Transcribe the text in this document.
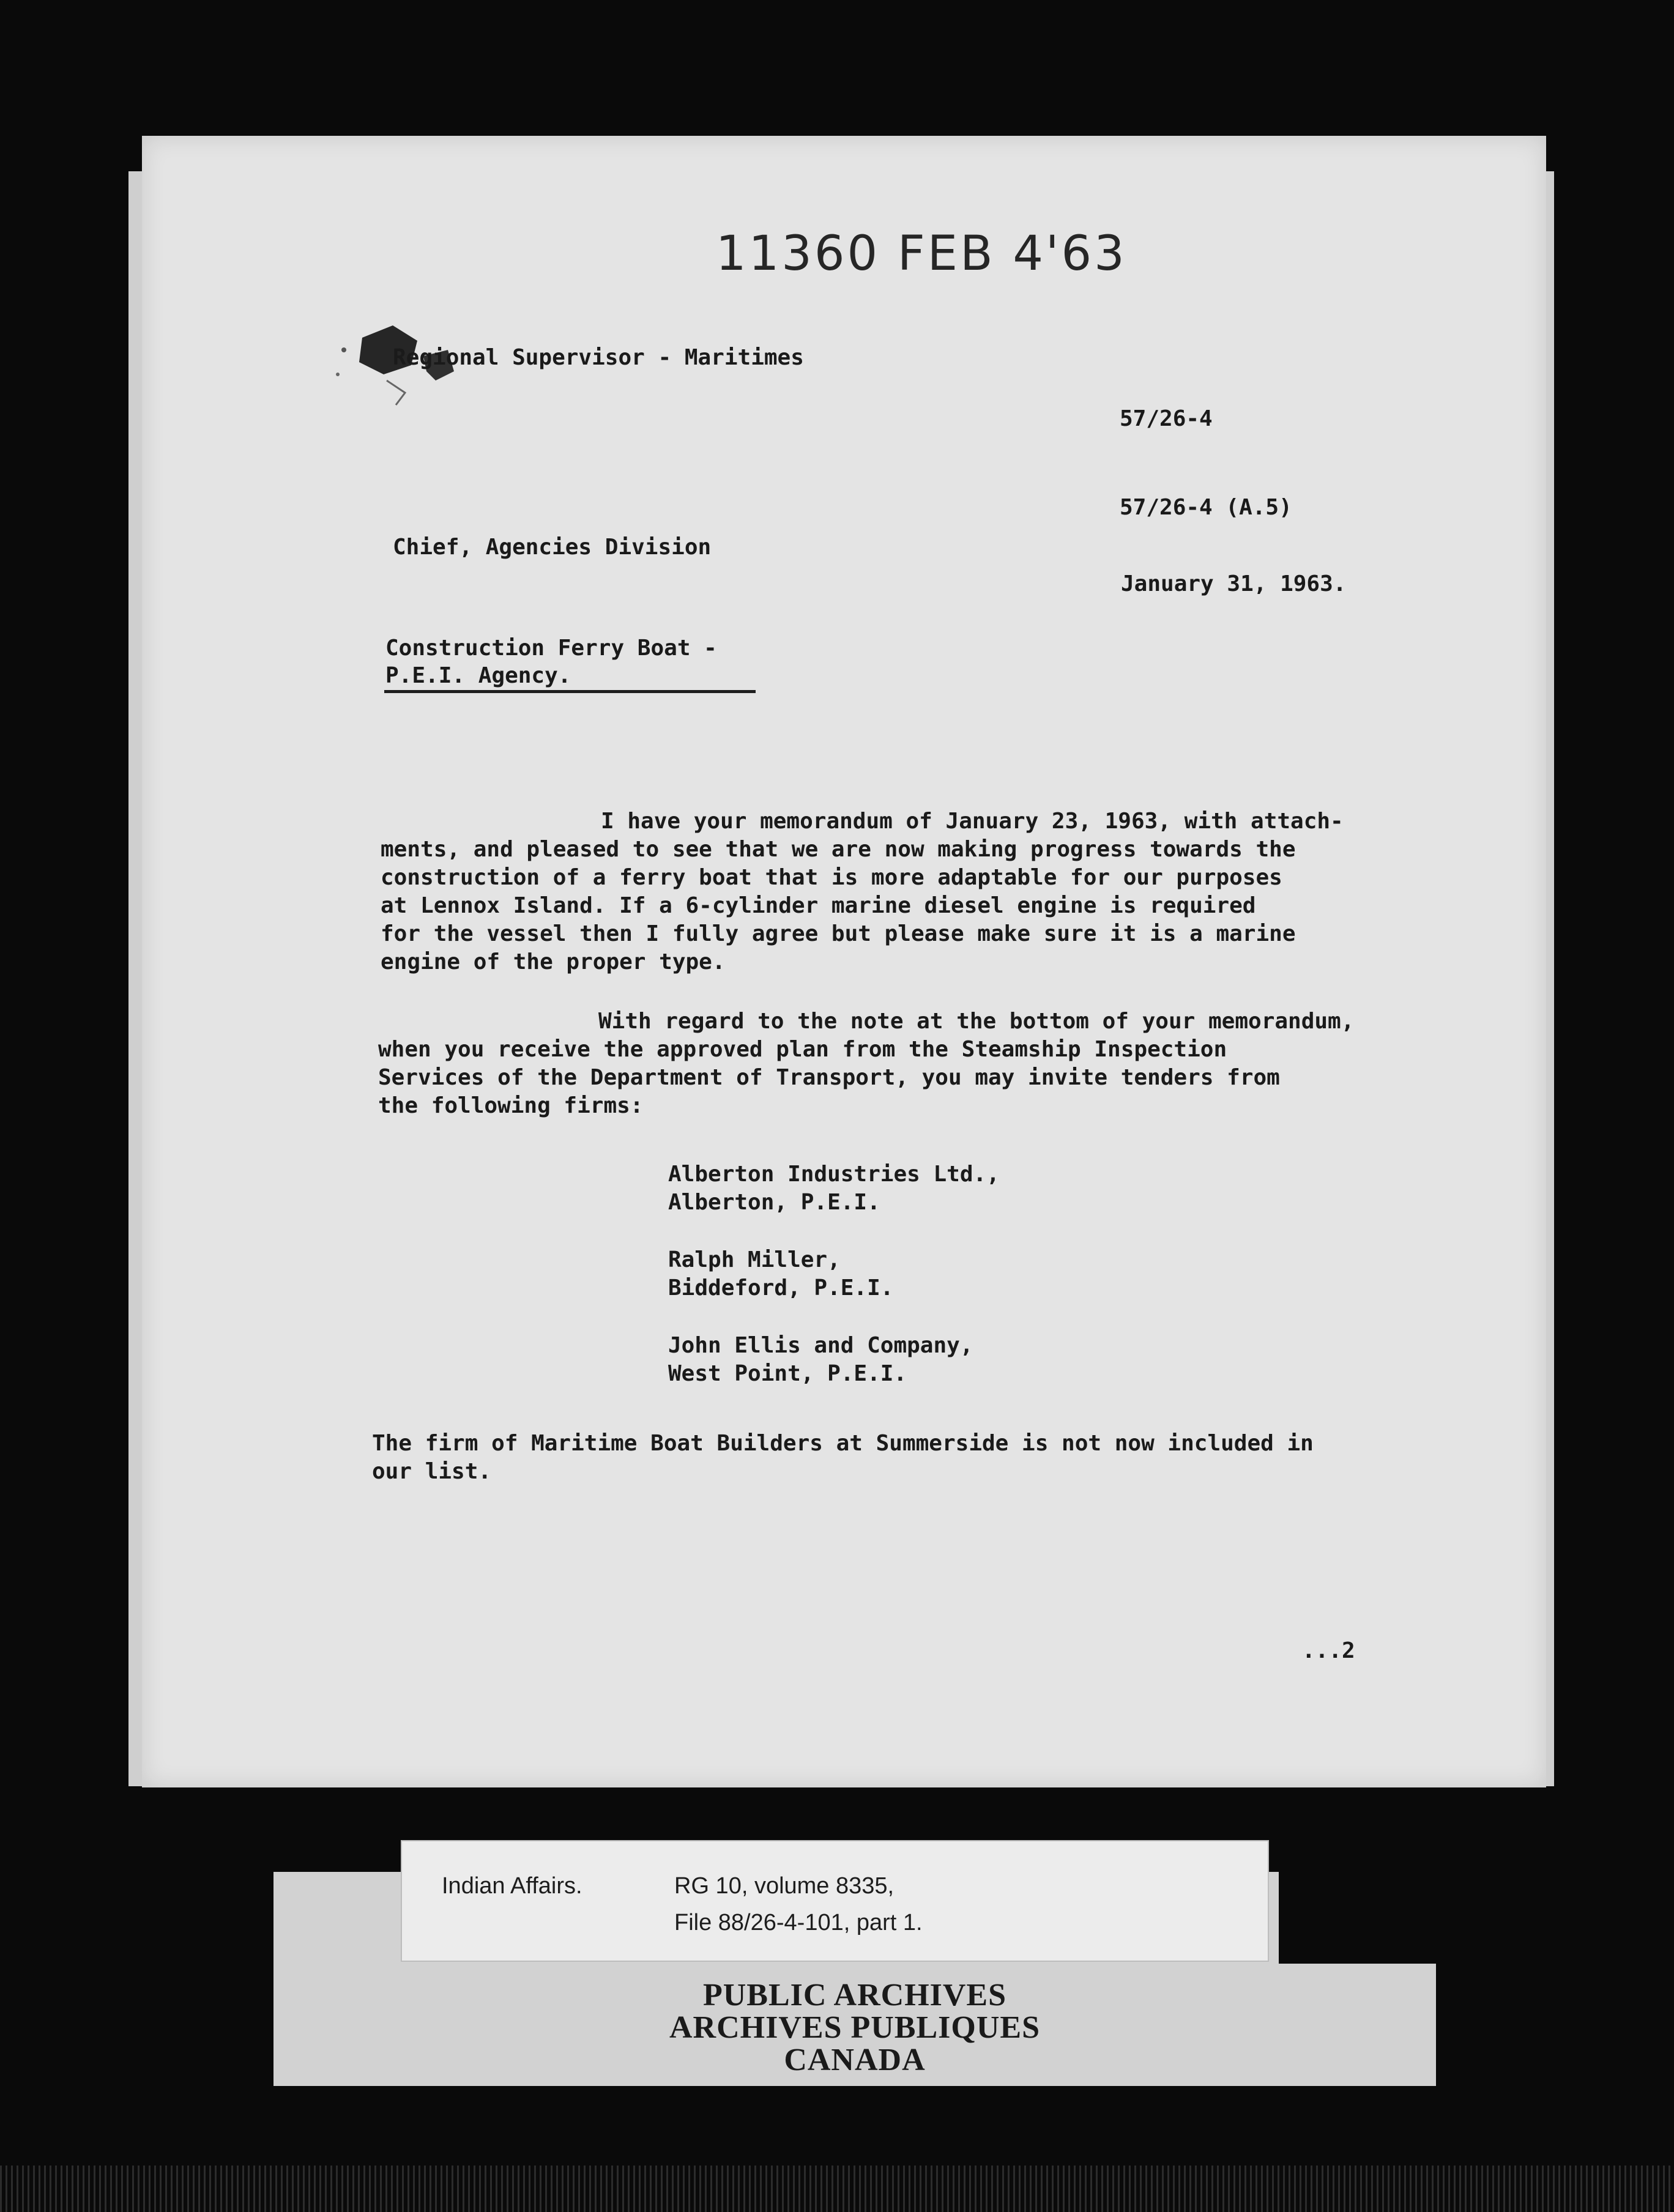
Regional Supervisor - Maritimes
57/26-4
57/26-4 (A.5)
Chief, Agencies Division
January 31, 1963.
Construction Ferry Boat -
P.E.I. Agency.
I have your memorandum of January 23, 1963, with attach-
ments, and pleased to see that we are now making progress towards the
construction of a ferry boat that is more adaptable for our purposes
at Lennox Island. If a 6-cylinder marine diesel engine is required
for the vessel then I fully agree but please make sure it is a marine
engine of the proper type.
With regard to the note at the bottom of your memorandum,
when you receive the approved plan from the Steamship Inspection
Services of the Department of Transport, you may invite tenders from
the following firms:
Alberton Industries Ltd.,
Alberton, P.E.I.
Ralph Miller,
Biddeford, P.E.I.
John Ellis and Company,
West Point, P.E.I.
The firm of Maritime Boat Builders at Summerside is not now included in
our list.
...2
11360 FEB 4'63
Indian Affairs.	RG 10, volume 8335,
File 88/26-4-101, part 1.
PUBLIC ARCHIVES
ARCHIVES PUBLIQUES
CANADA
